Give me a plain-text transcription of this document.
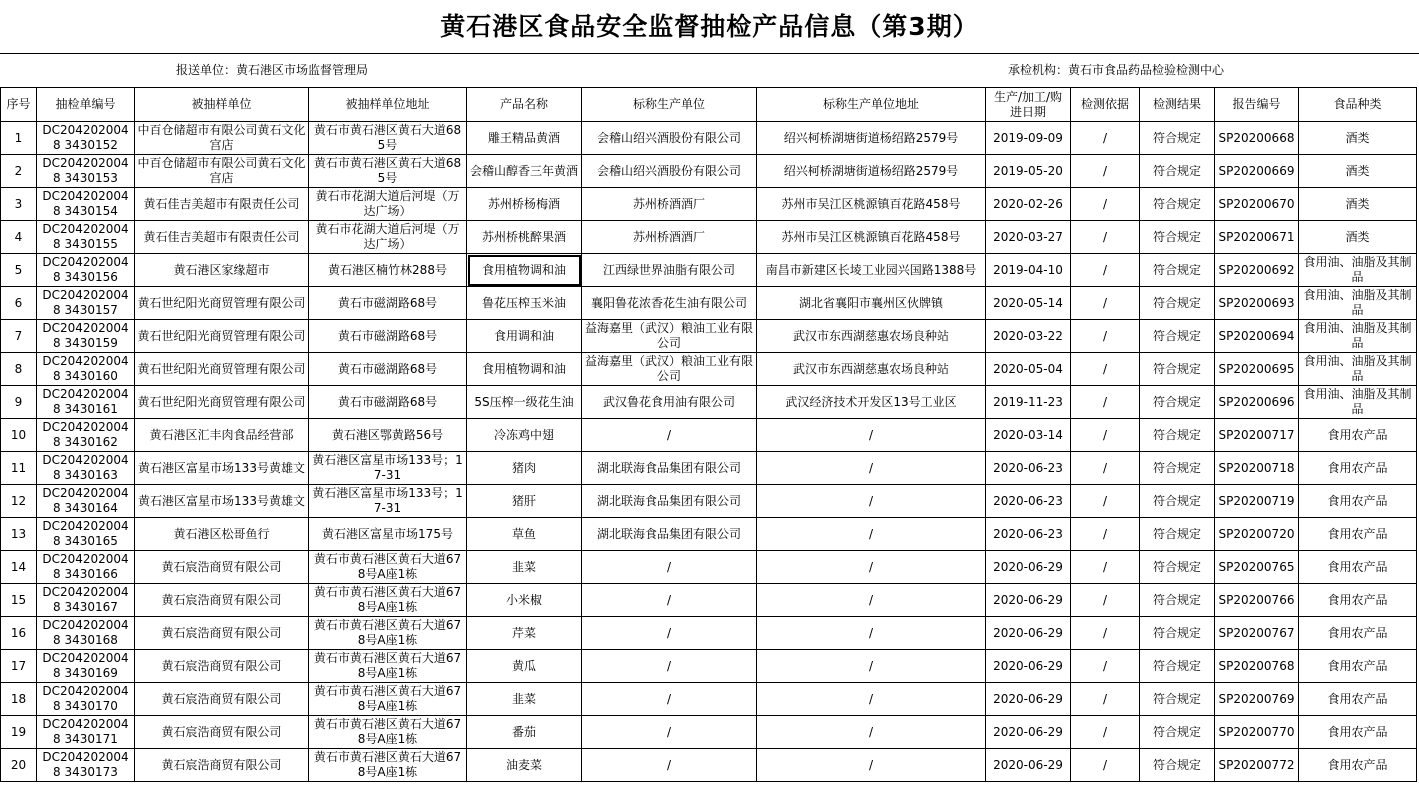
黄石港区食品安全监督抽检产品信息（第3期）
报送单位：黄石港区市场监督管理局	承检机构：黄石市食品药品检验检测中心
序号	抽检单编号	被抽样单位	被抽样单位地址	产品名称	标称生产单位	标称生产单位地址	生产/加工/购进日期	检测依据	检测结果	报告编号	食品种类
1	DC2042020048 3430152	中百仓储超市有限公司黄石文化宫店	黄石市黄石港区黄石大道685号	雕王精品黄酒	会稽山绍兴酒股份有限公司	绍兴柯桥湖塘街道杨绍路2579号	2019-09-09	/	符合规定	SP20200668	酒类
2	DC2042020048 3430153	中百仓储超市有限公司黄石文化宫店	黄石市黄石港区黄石大道685号	会稽山醇香三年黄酒	会稽山绍兴酒股份有限公司	绍兴柯桥湖塘街道杨绍路2579号	2019-05-20	/	符合规定	SP20200669	酒类
3	DC2042020048 3430154	黄石佳吉美超市有限责任公司	黄石市花湖大道后河堤（万达广场）	苏州桥杨梅酒	苏州桥酒酒厂	苏州市吴江区桃源镇百花路458号	2020-02-26	/	符合规定	SP20200670	酒类
4	DC2042020048 3430155	黄石佳吉美超市有限责任公司	黄石市花湖大道后河堤（万达广场）	苏州桥桃醉果酒	苏州桥酒酒厂	苏州市吴江区桃源镇百花路458号	2020-03-27	/	符合规定	SP20200671	酒类
5	DC2042020048 3430156	黄石港区家缘超市	黄石港区楠竹林288号	食用植物调和油	江西绿世界油脂有限公司	南昌市新建区长堎工业园兴国路1388号	2019-04-10	/	符合规定	SP20200692	食用油、油脂及其制品
6	DC2042020048 3430157	黄石世纪阳光商贸管理有限公司	黄石市磁湖路68号	鲁花压榨玉米油	襄阳鲁花浓香花生油有限公司	湖北省襄阳市襄州区伙牌镇	2020-05-14	/	符合规定	SP20200693	食用油、油脂及其制品
7	DC2042020048 3430159	黄石世纪阳光商贸管理有限公司	黄石市磁湖路68号	食用调和油	益海嘉里（武汉）粮油工业有限公司	武汉市东西湖慈惠农场良种站	2020-03-22	/	符合规定	SP20200694	食用油、油脂及其制品
8	DC2042020048 3430160	黄石世纪阳光商贸管理有限公司	黄石市磁湖路68号	食用植物调和油	益海嘉里（武汉）粮油工业有限公司	武汉市东西湖慈惠农场良种站	2020-05-04	/	符合规定	SP20200695	食用油、油脂及其制品
9	DC2042020048 3430161	黄石世纪阳光商贸管理有限公司	黄石市磁湖路68号	5S压榨一级花生油	武汉鲁花食用油有限公司	武汉经济技术开发区13号工业区	2019-11-23	/	符合规定	SP20200696	食用油、油脂及其制品
10	DC2042020048 3430162	黄石港区汇丰肉食品经营部	黄石港区鄂黄路56号	冷冻鸡中翅	/	/	2020-03-14	/	符合规定	SP20200717	食用农产品
11	DC2042020048 3430163	黄石港区富星市场133号黄雄文	黄石港区富星市场133号；17-31	猪肉	湖北联海食品集团有限公司	/	2020-06-23	/	符合规定	SP20200718	食用农产品
12	DC2042020048 3430164	黄石港区富星市场133号黄雄文	黄石港区富星市场133号；17-31	猪肝	湖北联海食品集团有限公司	/	2020-06-23	/	符合规定	SP20200719	食用农产品
13	DC2042020048 3430165	黄石港区松哥鱼行	黄石港区富星市场175号	草鱼	湖北联海食品集团有限公司	/	2020-06-23	/	符合规定	SP20200720	食用农产品
14	DC2042020048 3430166	黄石宸浩商贸有限公司	黄石市黄石港区黄石大道678号A座1栋	韭菜	/	/	2020-06-29	/	符合规定	SP20200765	食用农产品
15	DC2042020048 3430167	黄石宸浩商贸有限公司	黄石市黄石港区黄石大道678号A座1栋	小米椒	/	/	2020-06-29	/	符合规定	SP20200766	食用农产品
16	DC2042020048 3430168	黄石宸浩商贸有限公司	黄石市黄石港区黄石大道678号A座1栋	芹菜	/	/	2020-06-29	/	符合规定	SP20200767	食用农产品
17	DC2042020048 3430169	黄石宸浩商贸有限公司	黄石市黄石港区黄石大道678号A座1栋	黄瓜	/	/	2020-06-29	/	符合规定	SP20200768	食用农产品
18	DC2042020048 3430170	黄石宸浩商贸有限公司	黄石市黄石港区黄石大道678号A座1栋	韭菜	/	/	2020-06-29	/	符合规定	SP20200769	食用农产品
19	DC2042020048 3430171	黄石宸浩商贸有限公司	黄石市黄石港区黄石大道678号A座1栋	番茄	/	/	2020-06-29	/	符合规定	SP20200770	食用农产品
20	DC2042020048 3430173	黄石宸浩商贸有限公司	黄石市黄石港区黄石大道678号A座1栋	油麦菜	/	/	2020-06-29	/	符合规定	SP20200772	食用农产品
